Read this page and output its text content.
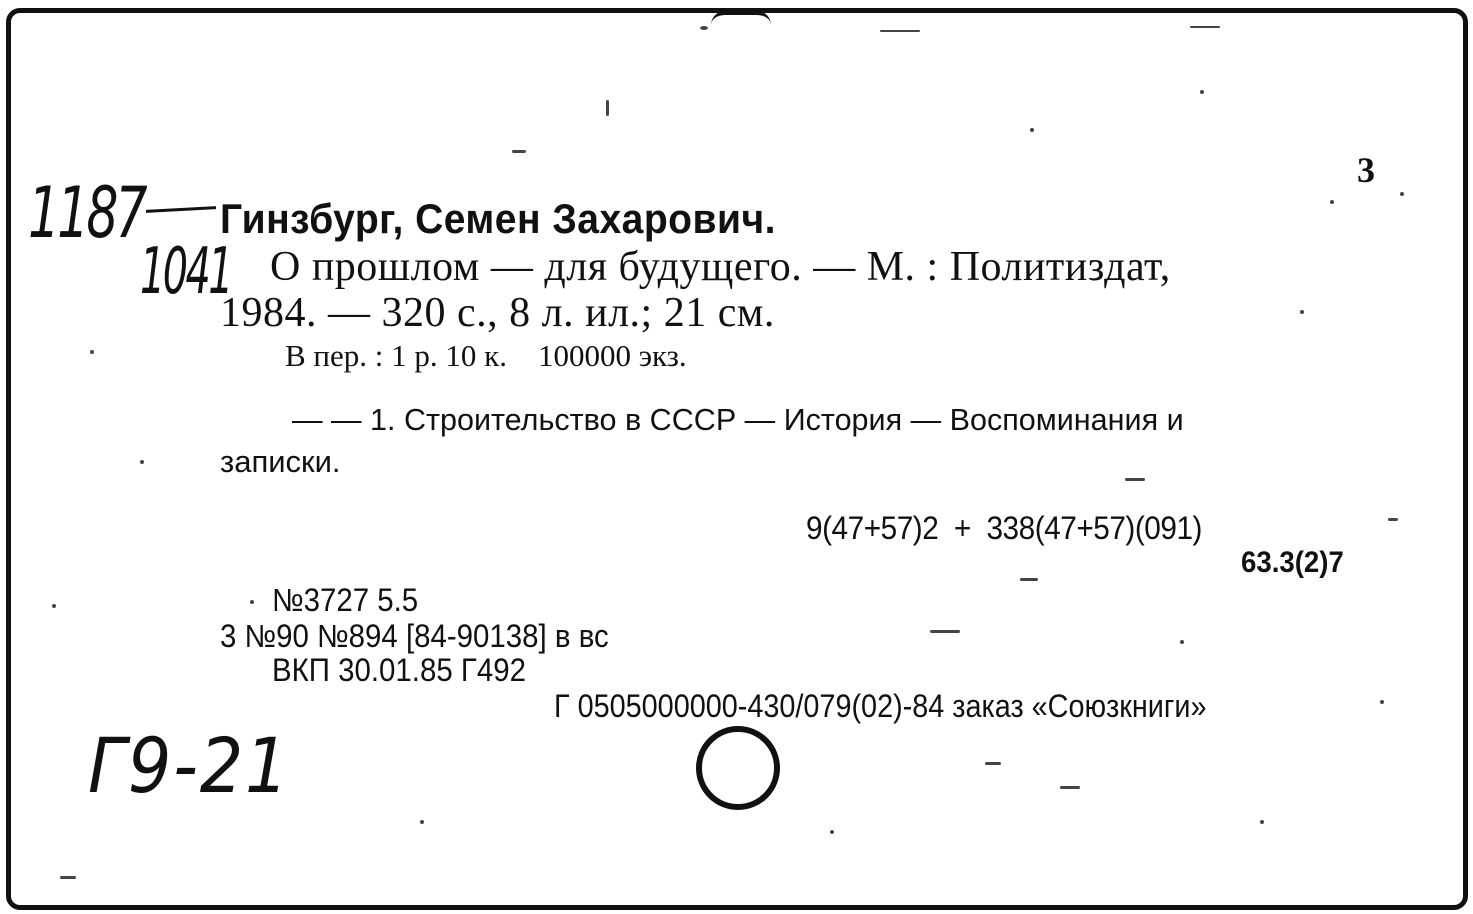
3
1187
1041
Гинзбург, Семен Захарович.
О прошлом — для будущего. — М. : Политиздат,
1984. — 320 с., 8 л. ил.; 21 см.
В пер. : 1 р. 10 к.    100000 экз.
— — 1. Строительство в СССР — История — Воспоминания и
записки.
9(47+57)2  +  338(47+57)(091)
63.3(2)7
№3727 5.5
3 №90 №894 [84-90138] в вс
ВКП 30.01.85 Г492
Г 0505000000-430/079(02)-84 заказ «Союзкниги»
Г9-21
